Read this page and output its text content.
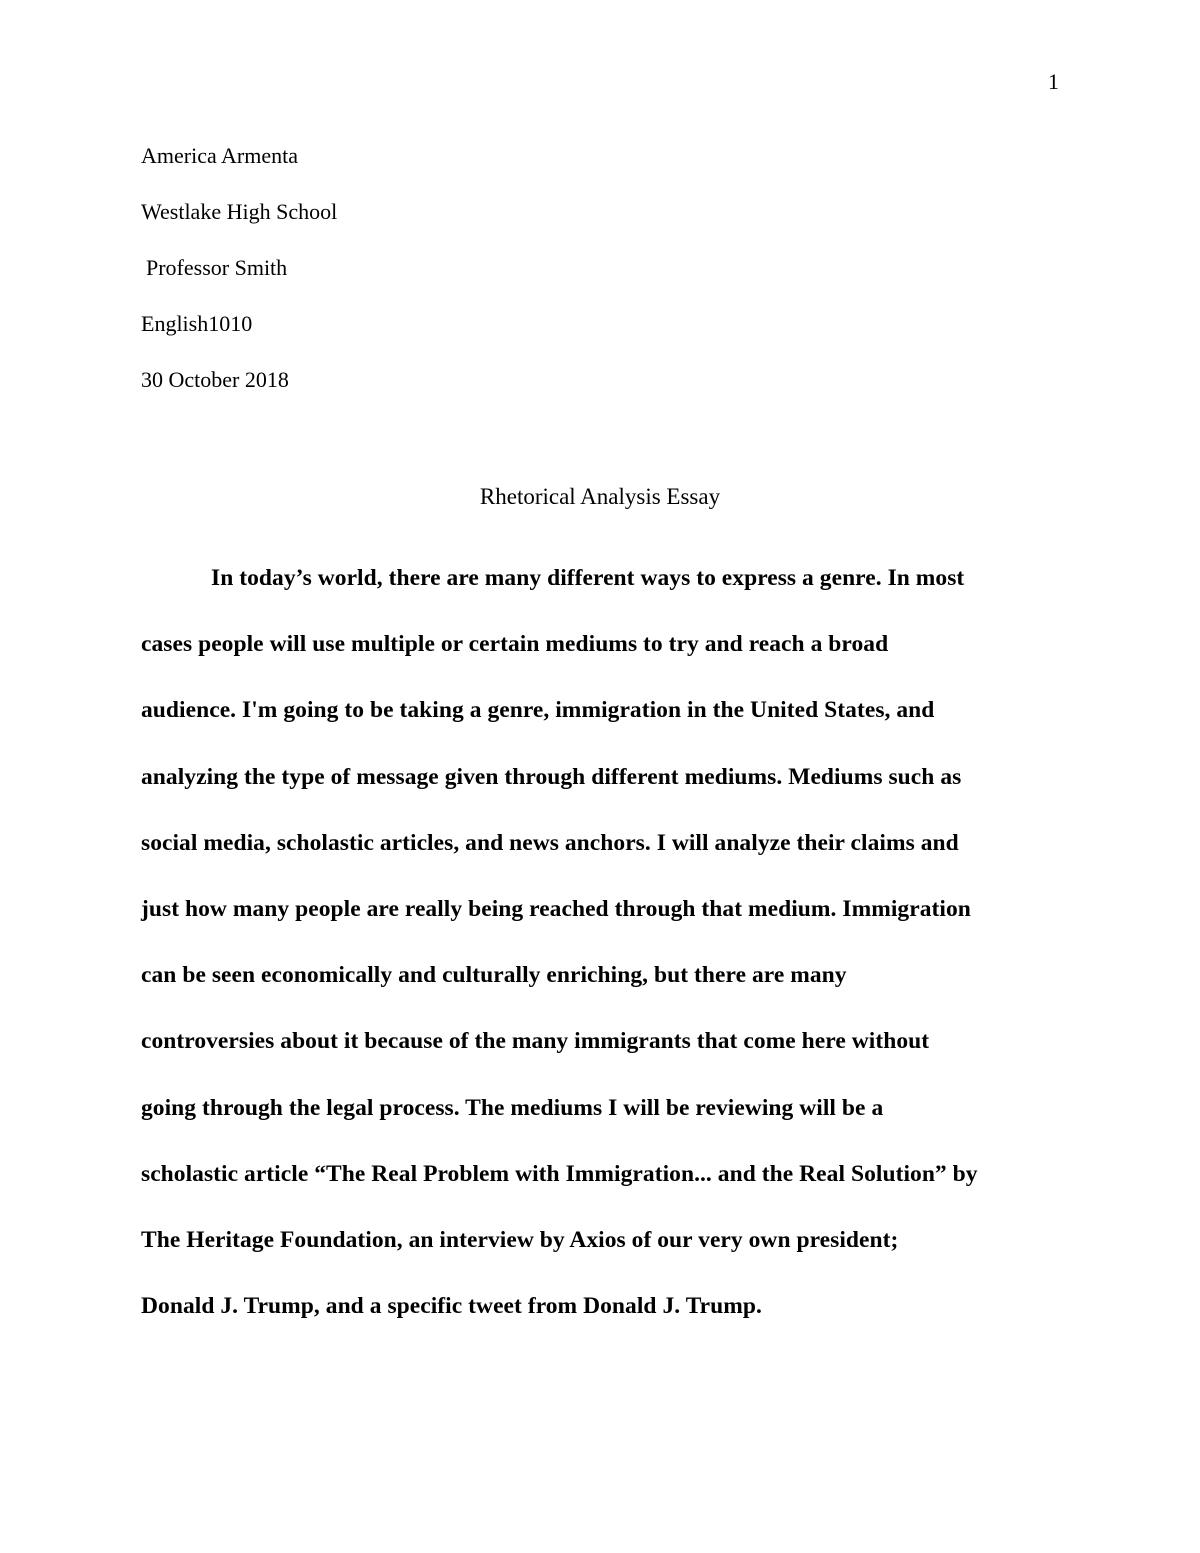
1
America Armenta
Westlake High School
Professor Smith
English1010
30 October 2018
Rhetorical Analysis Essay
In today’s world, there are many different ways to express a genre. In most
cases people will use multiple or certain mediums to try and reach a broad
audience. I'm going to be taking a genre, immigration in the United States, and
analyzing the type of message given through different mediums. Mediums such as
social media, scholastic articles, and news anchors. I will analyze their claims and
just how many people are really being reached through that medium. Immigration
can be seen economically and culturally enriching, but there are many
controversies about it because of the many immigrants that come here without
going through the legal process. The mediums I will be reviewing will be a
scholastic article “The Real Problem with Immigration... and the Real Solution” by
The Heritage Foundation, an interview by Axios of our very own president;
Donald J. Trump, and a specific tweet from Donald J. Trump.
